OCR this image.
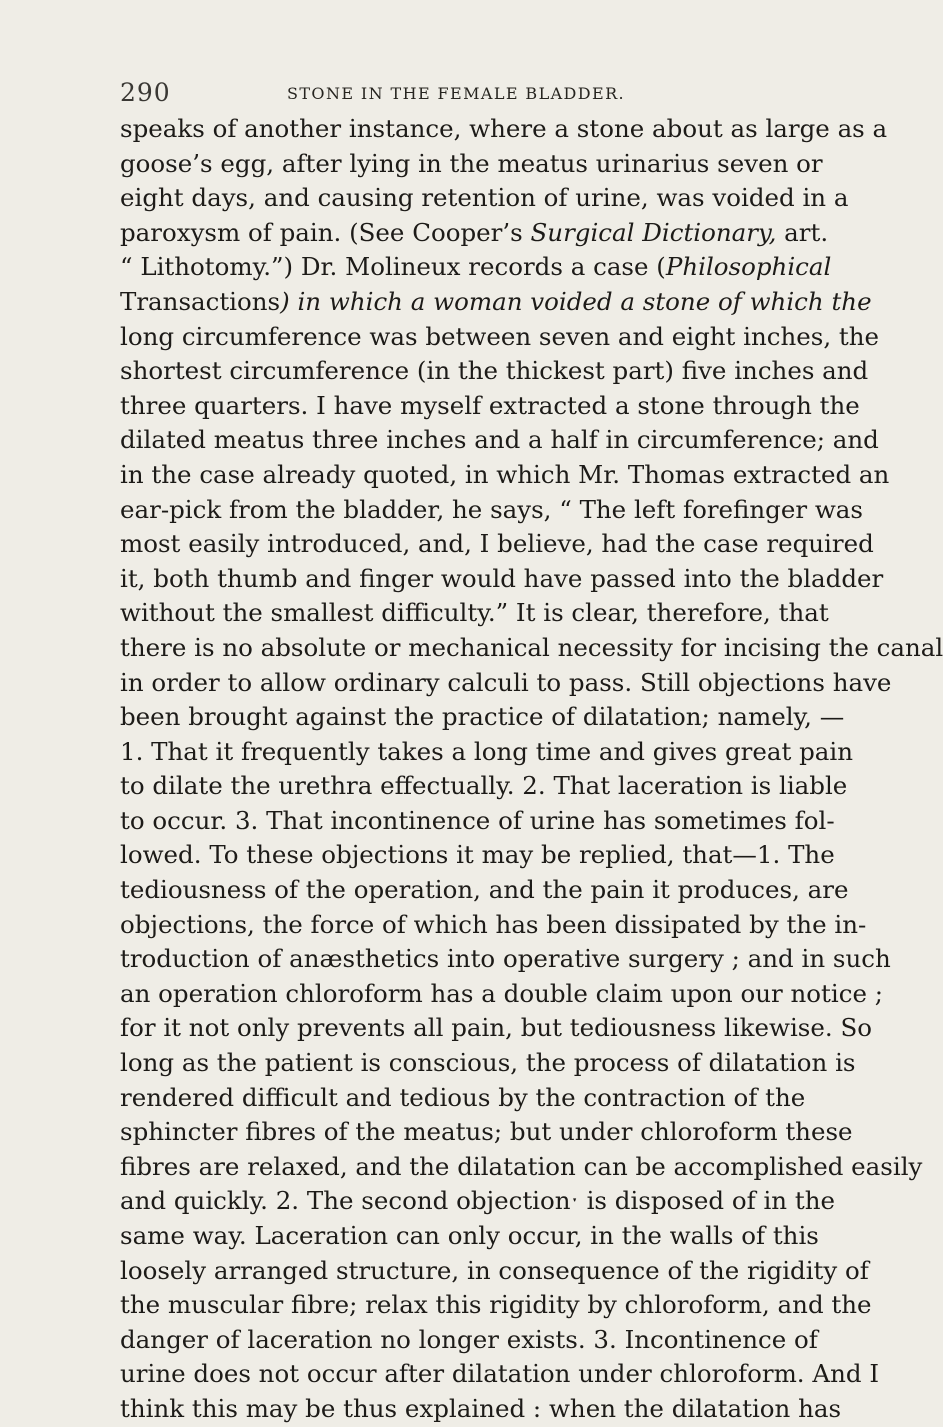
290	STONE IN THE FEMALE BLADDER.
speaks of another instance, where a stone about as large as a
goose’s egg, after lying in the meatus urinarius seven or
eight days, and causing retention of urine, was voided in a
paroxysm of pain. (See Cooper’s Surgical Dictionary, art.
“ Lithotomy.”) Dr. Molineux records a case (Philosophical
Transactions) in which a woman voided a stone of which the
long circumference was between seven and eight inches, the
shortest circumference (in the thickest part) five inches and
three quarters. I have myself extracted a stone through the
dilated meatus three inches and a half in circumference; and
in the case already quoted, in which Mr. Thomas extracted an
ear-pick from the bladder, he says, “ The left forefinger was
most easily introduced, and, I believe, had the case required
it, both thumb and finger would have passed into the bladder
without the smallest difficulty.” It is clear, therefore, that
there is no absolute or mechanical necessity for incising the canal
in order to allow ordinary calculi to pass. Still objections have
been brought against the practice of dilatation; namely, —
1. That it frequently takes a long time and gives great pain
to dilate the urethra effectually. 2. That laceration is liable
to occur. 3. That incontinence of urine has sometimes fol-
lowed. To these objections it may be replied, that—1. The
tediousness of the operation, and the pain it produces, are
objections, the force of which has been dissipated by the in-
troduction of anæsthetics into operative surgery ; and in such
an operation chloroform has a double claim upon our notice ;
for it not only prevents all pain, but tediousness likewise. So
long as the patient is conscious, the process of dilatation is
rendered difficult and tedious by the contraction of the
sphincter fibres of the meatus; but under chloroform these
fibres are relaxed, and the dilatation can be accomplished easily
and quickly. 2. The second objectionˑ is disposed of in the
same way. Laceration can only occur, in the walls of this
loosely arranged structure, in consequence of the rigidity of
the muscular fibre; relax this rigidity by chloroform, and the
danger of laceration no longer exists. 3. Incontinence of
urine does not occur after dilatation under chloroform. And I
think this may be thus explained : when the dilatation has
